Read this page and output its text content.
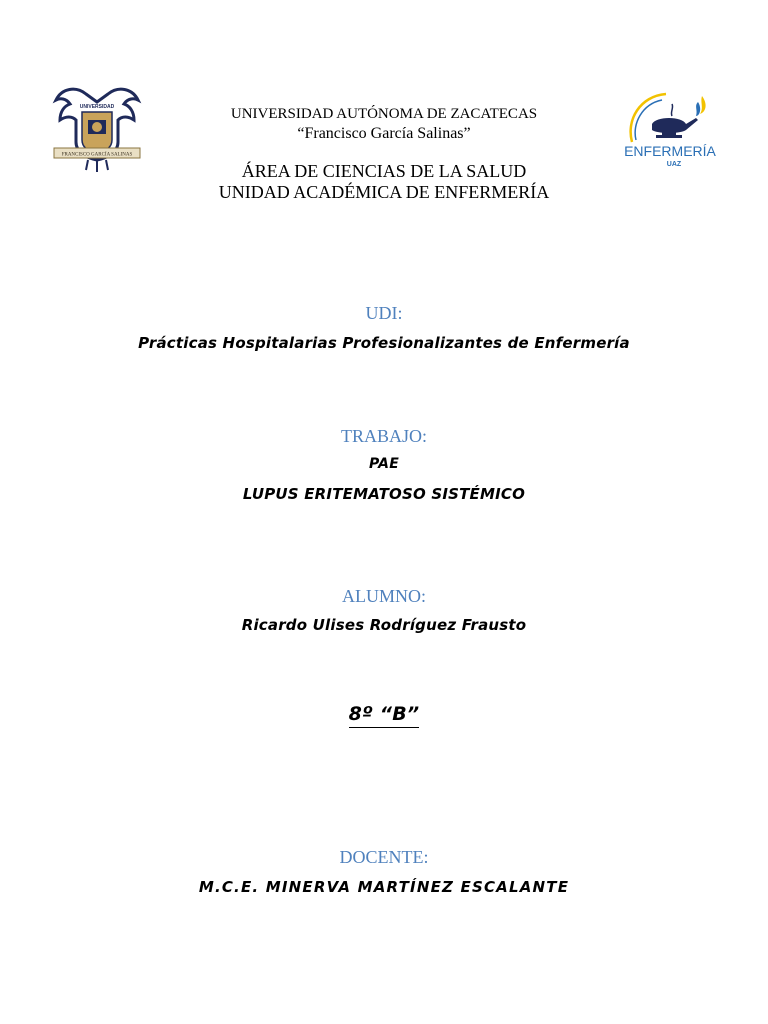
UNIVERSIDAD
FRANCISCO GARCÍA SALINAS	ENFERMERÍA
UAZ
UNIVERSIDAD AUTÓNOMA DE ZACATECAS
“Francisco García Salinas”
ÁREA DE CIENCIAS DE LA SALUD
UNIDAD ACADÉMICA DE ENFERMERÍA
UDI:
Prácticas Hospitalarias Profesionalizantes de Enfermería
TRABAJO:
PAE
LUPUS ERITEMATOSO SISTÉMICO
ALUMNO:
Ricardo Ulises Rodríguez Frausto
8º “B”
DOCENTE:
M.C.E. MINERVA MARTÍNEZ ESCALANTE
